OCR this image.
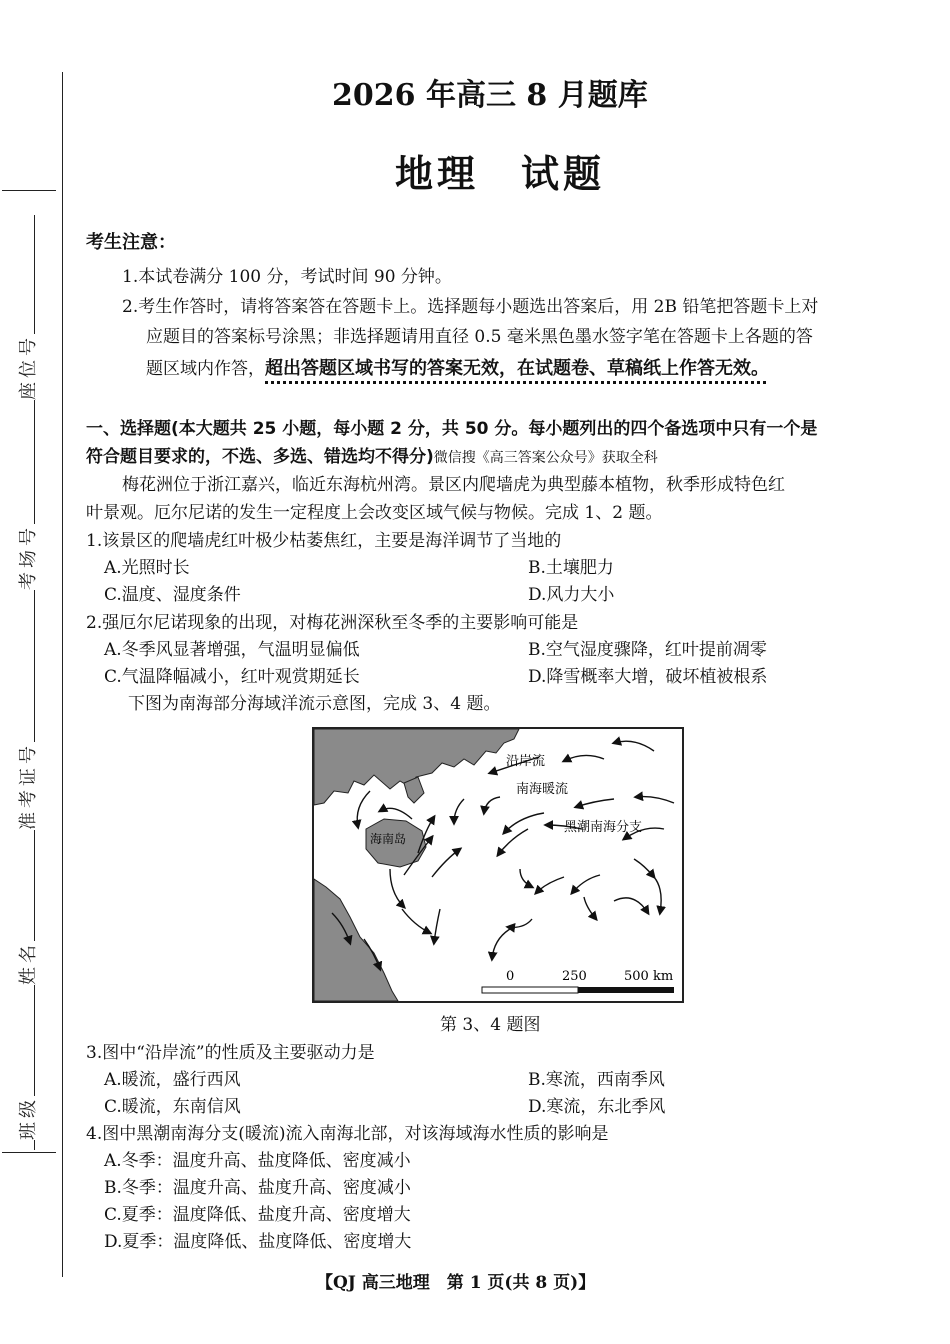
座位号
考场号
准考证号
姓名
班级
2026 年高三 8 月题库
地理　试题
考生注意：
1.本试卷满分 100 分，考试时间 90 分钟。
2.考生作答时，请将答案答在答题卡上。选择题每小题选出答案后，用 2B 铅笔把答题卡上对
应题目的答案标号涂黑；非选择题请用直径 0.5 毫米黑色墨水签字笔在答题卡上各题的答
题区域内作答，超出答题区域书写的答案无效，在试题卷、草稿纸上作答无效。
一、选择题(本大题共 25 小题，每小题 2 分，共 50 分。每小题列出的四个备选项中只有一个是
符合题目要求的，不选、多选、错选均不得分)微信搜《高三答案公众号》获取全科
梅花洲位于浙江嘉兴，临近东海杭州湾。景区内爬墙虎为典型藤本植物，秋季形成特色红
叶景观。厄尔尼诺的发生一定程度上会改变区域气候与物候。完成 1、2 题。
1.该景区的爬墙虎红叶极少枯萎焦红，主要是海洋调节了当地的
A.光照时长	B.土壤肥力
C.温度、湿度条件	D.风力大小
2.强厄尔尼诺现象的出现，对梅花洲深秋至冬季的主要影响可能是
A.冬季风显著增强，气温明显偏低	B.空气湿度骤降，红叶提前凋零
C.气温降幅减小，红叶观赏期延长	D.降雪概率大增，破坏植被根系
下图为南海部分海域洋流示意图，完成 3、4 题。
0	250	500 km
沿岸流
南海暖流
黑潮南海分支
海南岛
第 3、4 题图
3.图中“沿岸流”的性质及主要驱动力是
A.暖流，盛行西风	B.寒流，西南季风
C.暖流，东南信风	D.寒流，东北季风
4.图中黑潮南海分支(暖流)流入南海北部，对该海域海水性质的影响是
A.冬季：温度升高、盐度降低、密度减小
B.冬季：温度升高、盐度升高、密度减小
C.夏季：温度降低、盐度升高、密度增大
D.夏季：温度降低、盐度降低、密度增大
【QJ 高三地理　第 1 页(共 8 页)】
